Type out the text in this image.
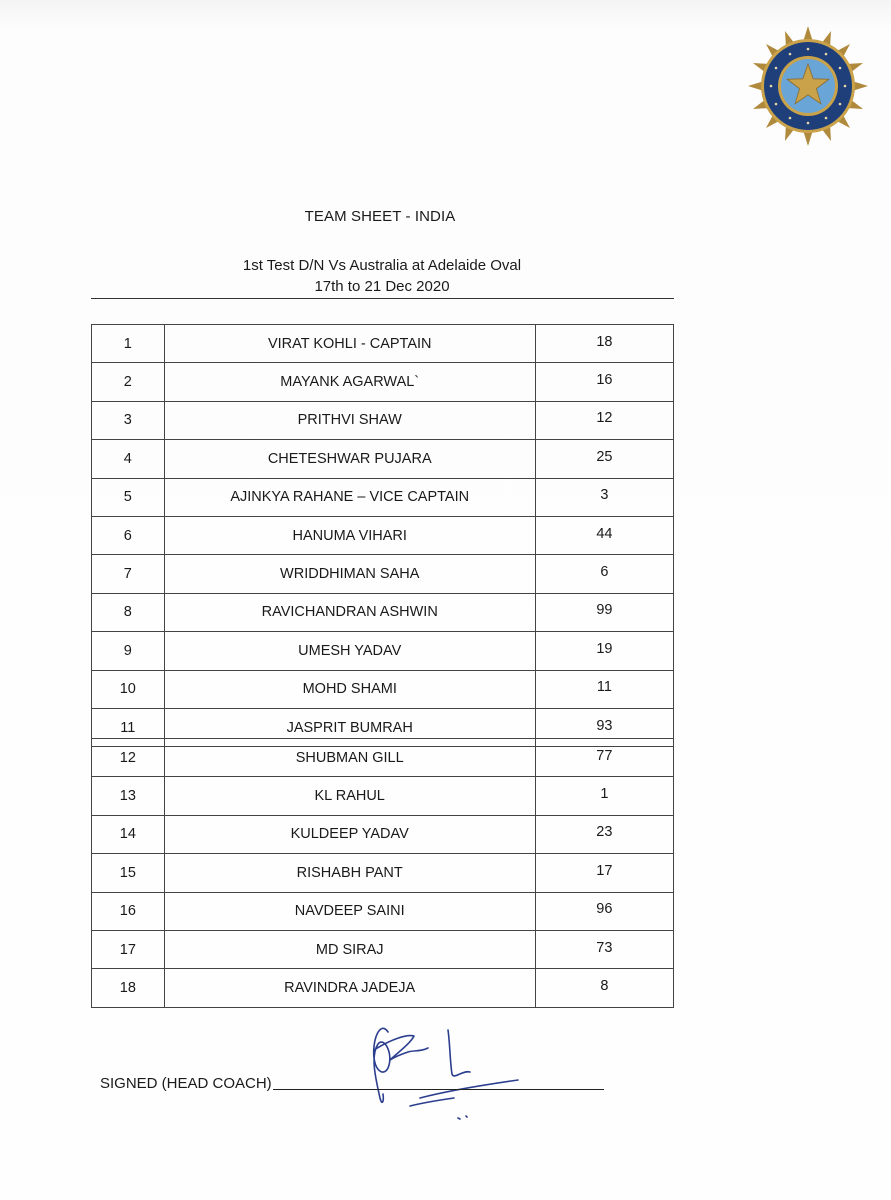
TEAM SHEET - INDIA
1st Test D/N Vs Australia at Adelaide Oval
17th to 21 Dec 2020
1	VIRAT KOHLI - CAPTAIN	18
2	MAYANK AGARWAL`	16
3	PRITHVI SHAW	12
4	CHETESHWAR PUJARA	25
5	AJINKYA RAHANE – VICE CAPTAIN	3
6	HANUMA VIHARI	44
7	WRIDDHIMAN SAHA	6
8	RAVICHANDRAN ASHWIN	99
9	UMESH YADAV	19
10	MOHD SHAMI	11
11	JASPRIT BUMRAH	93
12	SHUBMAN GILL	77
13	KL RAHUL	1
14	KULDEEP YADAV	23
15	RISHABH PANT	17
16	NAVDEEP SAINI	96
17	MD SIRAJ	73
18	RAVINDRA JADEJA	8
SIGNED (HEAD COACH)
